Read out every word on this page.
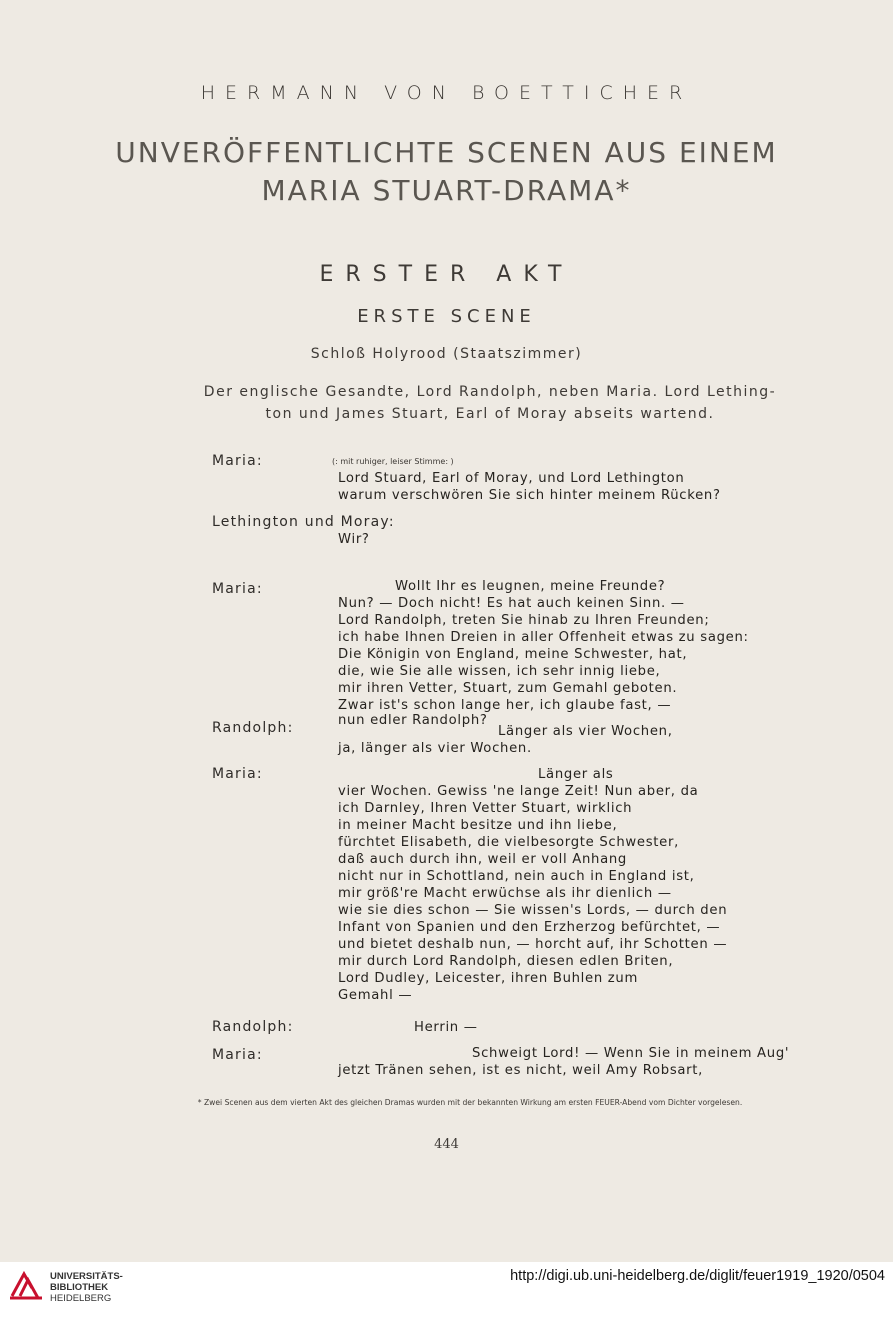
HERMANN VON BOETTICHER
UNVERÖFFENTLICHTE SCENEN AUS EINEM
MARIA STUART-DRAMA*
ERSTER AKT
ERSTE SCENE
Schloß Holyrood (Staatszimmer)
Der englische Gesandte, Lord Randolph, neben Maria. Lord Lething-
ton und James Stuart, Earl of Moray abseits wartend.
Maria:
Lethington und Moray:
Maria:
Randolph:
Maria:
Randolph:
Maria:
(: mit ruhiger, leiser Stimme: )
Lord Stuard, Earl of Moray, und Lord Lethington
warum verschwören Sie sich hinter meinem Rücken?
Wir?
Wollt Ihr es leugnen, meine Freunde?
Nun? — Doch nicht! Es hat auch keinen Sinn. —
Lord Randolph, treten Sie hinab zu Ihren Freunden;
ich habe Ihnen Dreien in aller Offenheit etwas zu sagen:
Die Königin von England, meine Schwester, hat,
die, wie Sie alle wissen, ich sehr innig liebe,
mir ihren Vetter, Stuart, zum Gemahl geboten.
Zwar ist's schon lange her, ich glaube fast, —
nun edler Randolph?
Länger als vier Wochen,
ja, länger als vier Wochen.
Länger als
vier Wochen. Gewiss 'ne lange Zeit! Nun aber, da
ich Darnley, Ihren Vetter Stuart, wirklich
in meiner Macht besitze und ihn liebe,
fürchtet Elisabeth, die vielbesorgte Schwester,
daß auch durch ihn, weil er voll Anhang
nicht nur in Schottland, nein auch in England ist,
mir größ're Macht erwüchse als ihr dienlich —
wie sie dies schon — Sie wissen's Lords, — durch den
Infant von Spanien und den Erzherzog befürchtet, —
und bietet deshalb nun, — horcht auf, ihr Schotten —
mir durch Lord Randolph, diesen edlen Briten,
Lord Dudley, Leicester, ihren Buhlen zum
Gemahl —
Herrin —
Schweigt Lord! — Wenn Sie in meinem Aug'
jetzt Tränen sehen, ist es nicht, weil Amy Robsart,
* Zwei Scenen aus dem vierten Akt des gleichen Dramas wurden mit der bekannten Wirkung am ersten FEUER-Abend vom Dichter vorgelesen.
444
UNIVERSITÄTS-
BIBLIOTHEK
HEIDELBERG
http://digi.ub.uni-heidelberg.de/diglit/feuer1919_1920/0504
